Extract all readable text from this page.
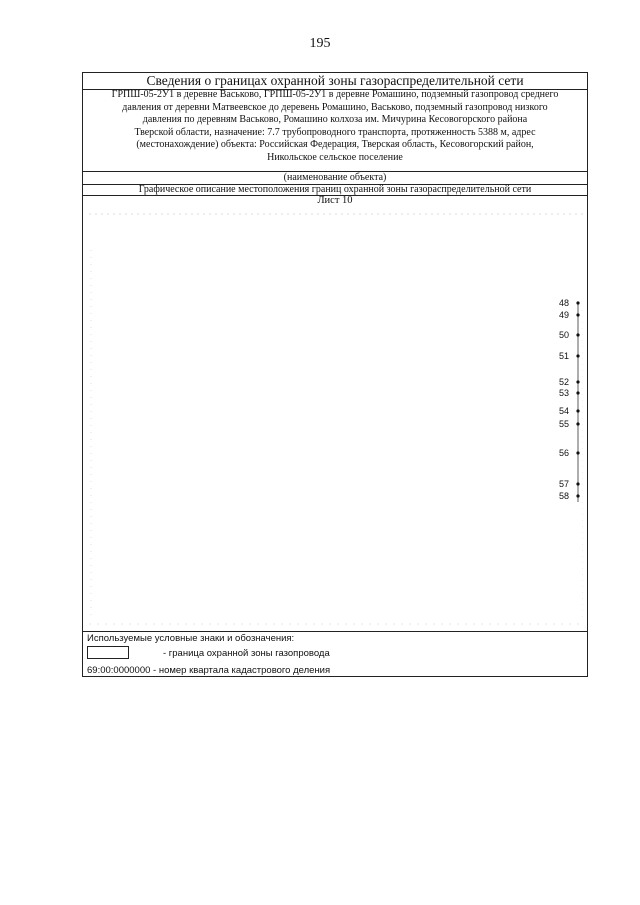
195
Сведения о границах охранной зоны газораспределительной сети
ГРПШ-05-2У1 в деревне Васьково, ГРПШ-05-2У1 в деревне Ромашино, подземный газопровод среднего
давления от деревни Матвеевское до деревень Ромашино, Васьково, подземный газопровод низкого
давления по деревням Васьково, Ромашино колхоза им. Мичурина Кесовогорского района
Тверской области, назначение: 7.7 трубопроводного транспорта, протяженность 5388 м, адрес
(местонахождение) объекта: Российская Федерация, Тверская область, Кесовогорский район,
Никольское сельское поселение
(наименование объекта)
Графическое описание местоположения границ охранной зоны газораспределительной сети
Лист 10
48
49
50
51
52
53
54
55
56
57
58
Используемые условные знаки и обозначения:
- граница охранной зоны газопровода
69:00:0000000 - номер квартала кадастрового деления
